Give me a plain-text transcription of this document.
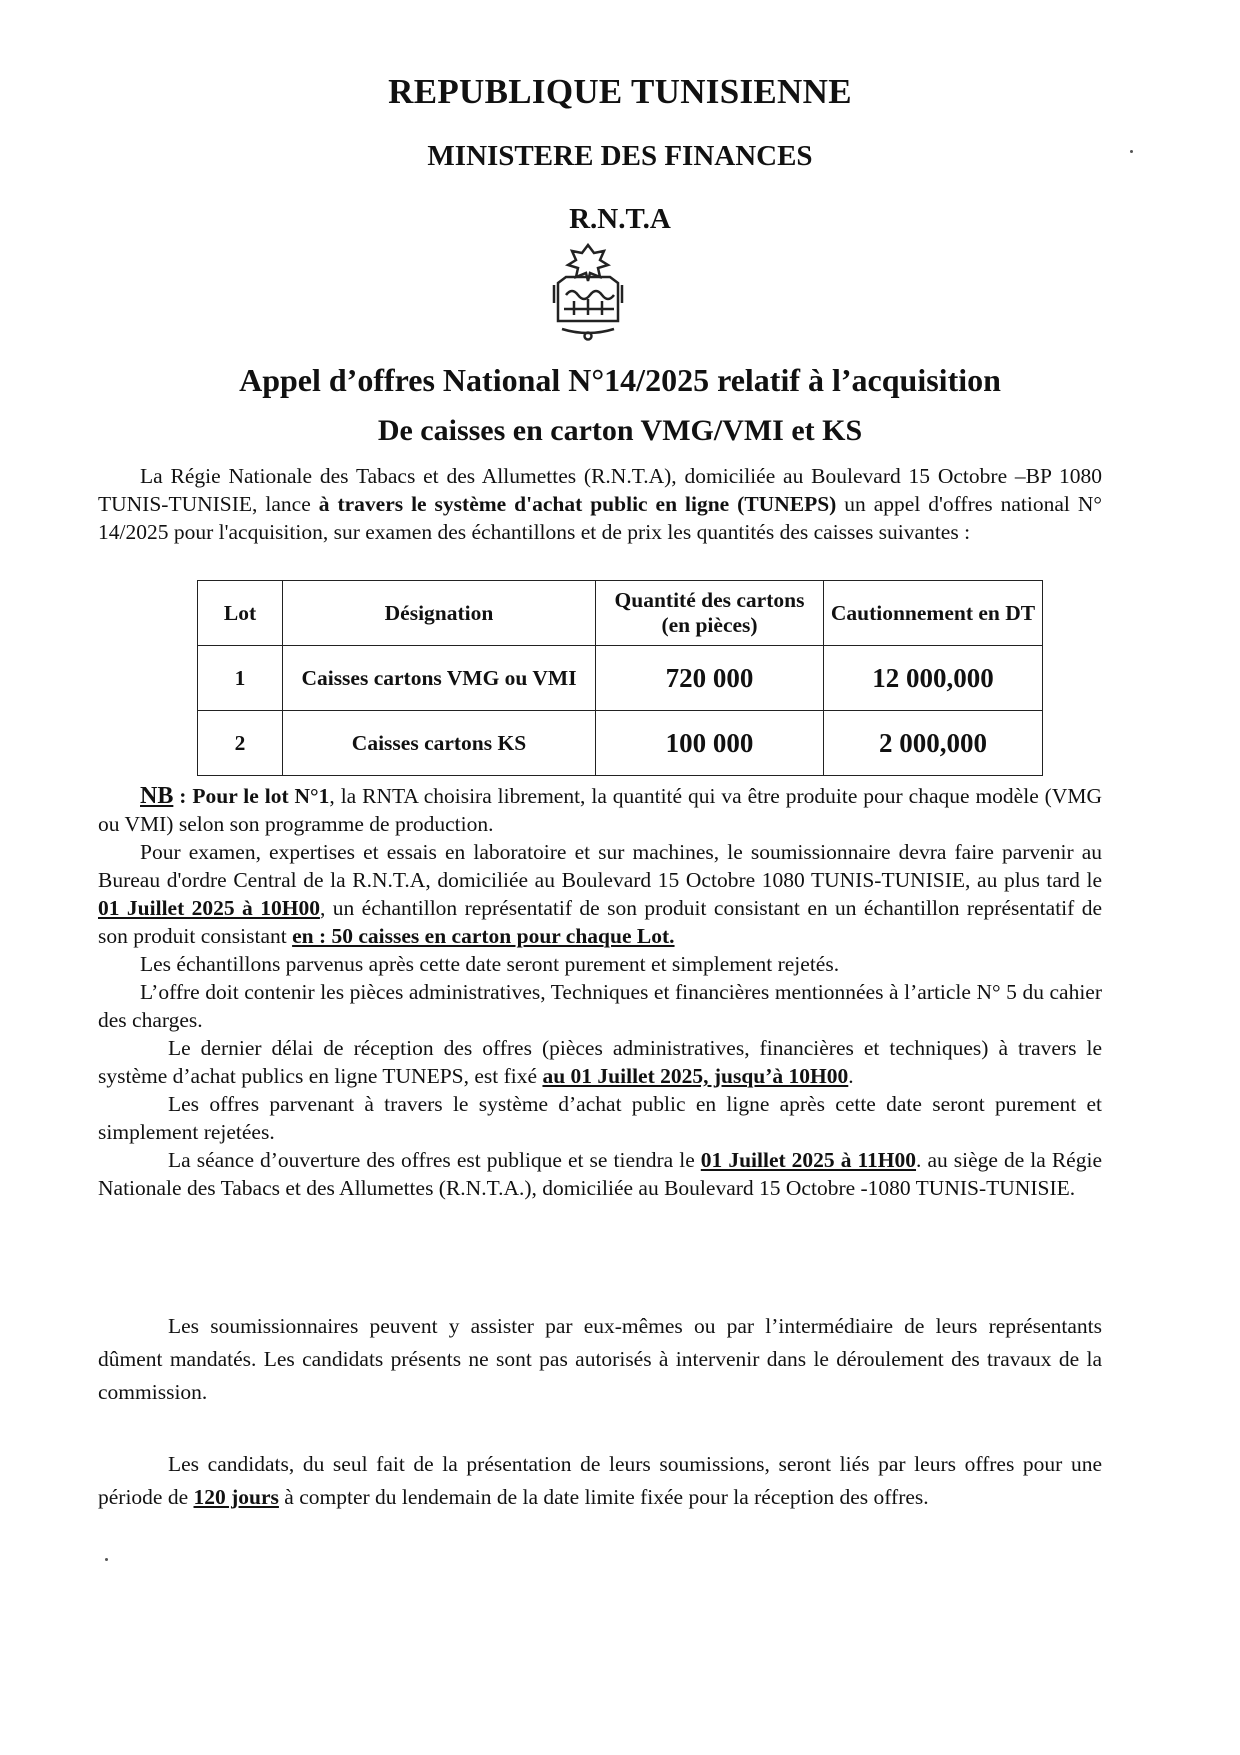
REPUBLIQUE TUNISIENNE
MINISTERE DES FINANCES
R.N.T.A
Appel d’offres National N°14/2025 relatif à l’acquisition
De caisses en carton VMG/VMI et KS

La Régie Nationale des Tabacs et des Allumettes (R.N.T.A), domiciliée au Boulevard 15 Octobre –BP 1080 TUNIS-TUNISIE, lance à travers le système d'achat public en ligne (TUNEPS) un appel d'offres national N° 14/2025 pour l'acquisition, sur examen des échantillons et de prix les quantités des caisses suivantes :

Lot	Désignation	Quantité des cartons (en pièces)	Cautionnement en DT
1	Caisses cartons VMG ou VMI	720 000	12 000,000
2	Caisses cartons KS	100 000	2 000,000

NB : Pour le lot N°1, la RNTA choisira librement, la quantité qui va être produite pour chaque modèle (VMG ou VMI) selon son programme de production.

Pour examen, expertises et essais en laboratoire et sur machines, le soumissionnaire devra faire parvenir au Bureau d'ordre Central de la R.N.T.A, domiciliée au Boulevard 15 Octobre 1080 TUNIS-TUNISIE, au plus tard le 01 Juillet 2025 à 10H00, un échantillon représentatif de son produit consistant en un échantillon représentatif de son produit consistant en : 50 caisses en carton pour chaque Lot.

Les échantillons parvenus après cette date seront purement et simplement rejetés.

L’offre doit contenir les pièces administratives, Techniques et financières mentionnées à l’article N° 5 du cahier des charges.

Le dernier délai de réception des offres (pièces administratives, financières et techniques) à travers le système d’achat publics en ligne TUNEPS, est fixé au 01 Juillet 2025, jusqu’à 10H00.

Les offres parvenant à travers le système d’achat public en ligne après cette date seront purement et simplement rejetées.

La séance d’ouverture des offres est publique et se tiendra le 01 Juillet 2025 à 11H00. au siège de la Régie Nationale des Tabacs et des Allumettes (R.N.T.A.), domiciliée au Boulevard 15 Octobre -1080 TUNIS-TUNISIE.

Les soumissionnaires peuvent y assister par eux-mêmes ou par l’intermédiaire de leurs représentants dûment mandatés. Les candidats présents ne sont pas autorisés à intervenir dans le déroulement des travaux de la commission.

Les candidats, du seul fait de la présentation de leurs soumissions, seront liés par leurs offres pour une période de 120 jours à compter du lendemain de la date limite fixée pour la réception des offres.
